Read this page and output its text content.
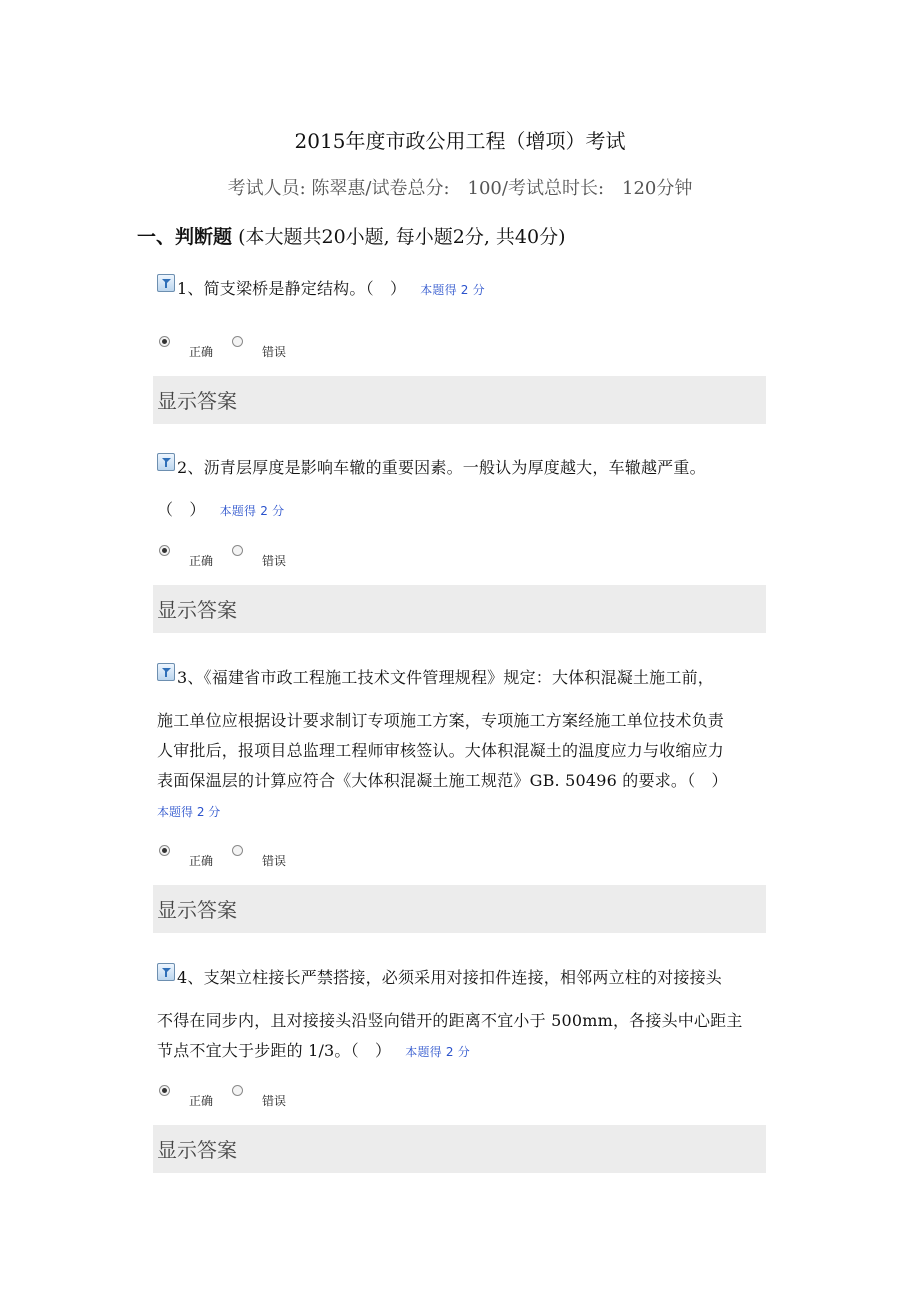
2015年度市政公用工程（增项）考试
考试人员: 陈翠惠/试卷总分:　100/考试总时长:　120分钟
一、判断题 (本大题共20小题, 每小题2分, 共40分)
1、简支梁桥是静定结构。（　） 本题得 2 分
正确	错误
显示答案
2、沥青层厚度是影响车辙的重要因素。一般认为厚度越大，车辙越严重。
（　） 本题得 2 分
正确	错误
显示答案
3、《福建省市政工程施工技术文件管理规程》规定：大体积混凝土施工前，
施工单位应根据设计要求制订专项施工方案，专项施工方案经施工单位技术负责
人审批后，报项目总监理工程师审核签认。大体积混凝土的温度应力与收缩应力
表面保温层的计算应符合《大体积混凝土施工规范》GB. 50496 的要求。（　）
本题得 2 分
正确	错误
显示答案
4、支架立柱接长严禁搭接，必须采用对接扣件连接，相邻两立柱的对接接头
不得在同步内，且对接接头沿竖向错开的距离不宜小于 500mm，各接头中心距主
节点不宜大于步距的 1/3。（　） 本题得 2 分
正确	错误
显示答案
